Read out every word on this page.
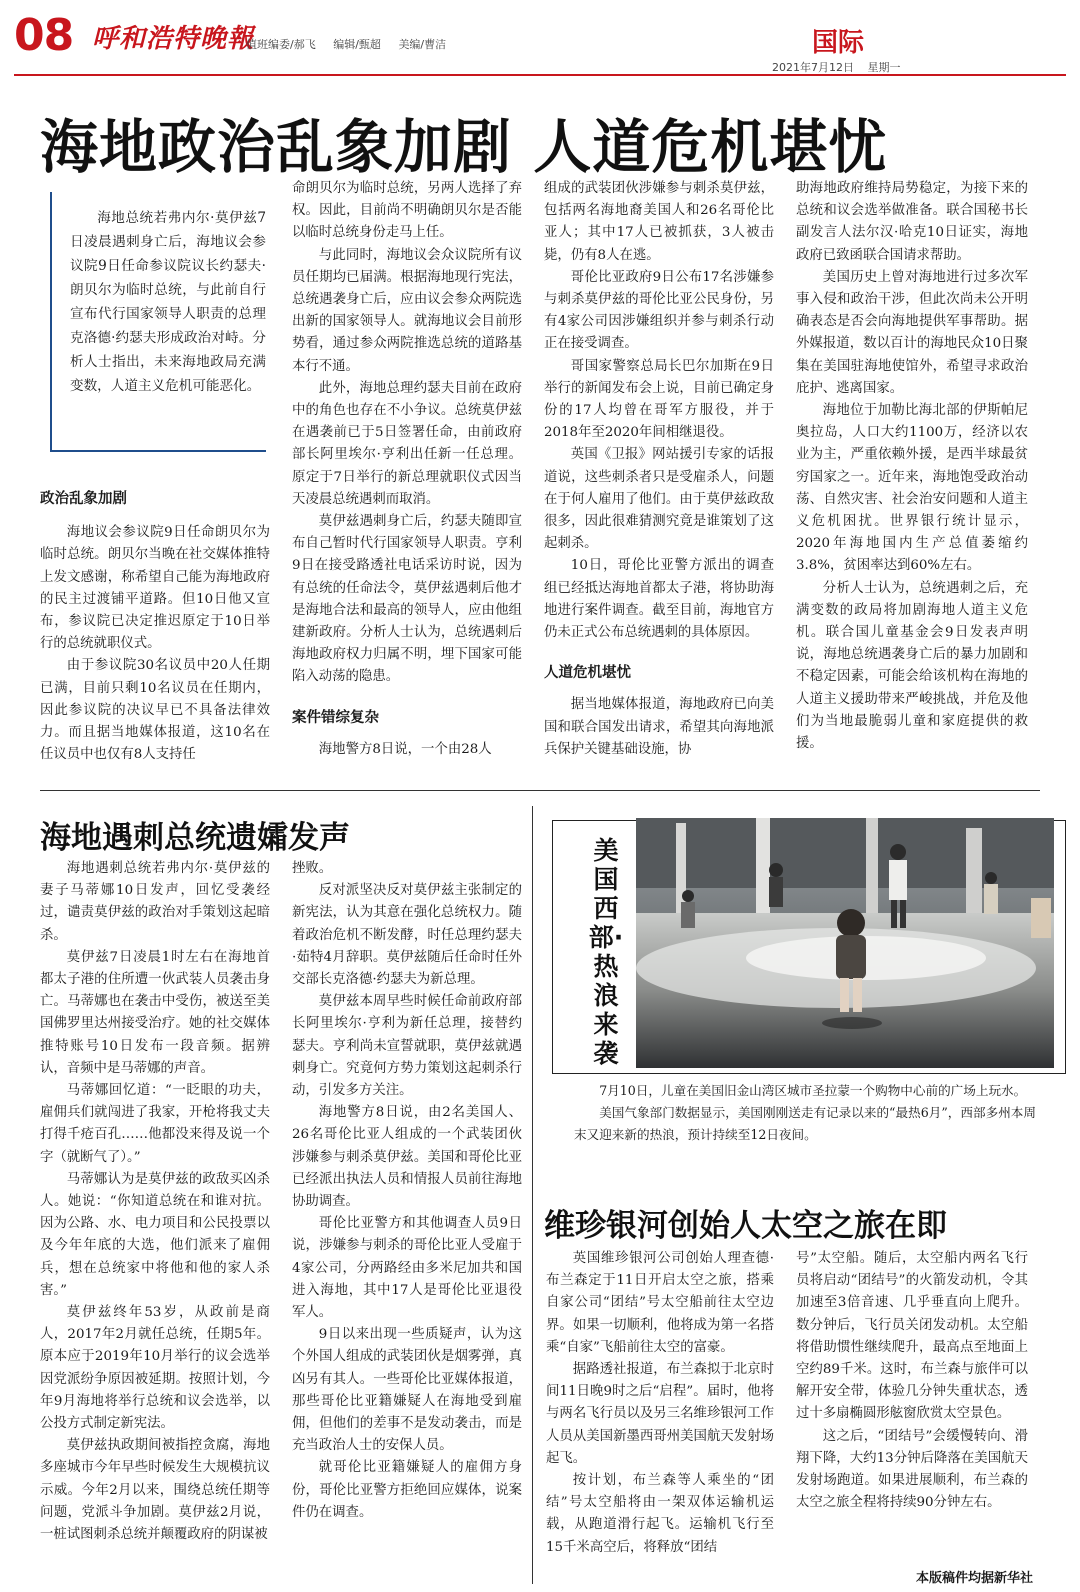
08 呼和浩特晚報
值班编委/郝飞 编辑/甄超 美编/曹洁	国际
2021年7月12日 星期一
海地政治乱象加剧 人道危机堪忧

海地总统若弗内尔·莫伊兹7日凌晨遇刺身亡后，海地议会参议院9日任命参议院议长约瑟夫·朗贝尔为临时总统，与此前自行宣布代行国家领导人职责的总理克洛德·约瑟夫形成政治对峙。分析人士指出，未来海地政局充满变数，人道主义危机可能恶化。

政治乱象加剧

海地议会参议院9日任命朗贝尔为临时总统。朗贝尔当晚在社交媒体推特上发文感谢，称希望自己能为海地政府的民主过渡铺平道路。但10日他又宣布，参议院已决定推迟原定于10日举行的总统就职仪式。

由于参议院30名议员中20人任期已满，目前只剩10名议员在任期内，因此参议院的决议早已不具备法律效力。而且据当地媒体报道，这10名在任议员中也仅有8人支持任

命朗贝尔为临时总统，另两人选择了弃权。因此，目前尚不明确朗贝尔是否能以临时总统身份走马上任。

与此同时，海地议会众议院所有议员任期均已届满。根据海地现行宪法，总统遇袭身亡后，应由议会参众两院选出新的国家领导人。就海地议会目前形势看，通过参众两院推选总统的道路基本行不通。

此外，海地总理约瑟夫目前在政府中的角色也存在不小争议。总统莫伊兹在遇袭前已于5日签署任命，由前政府部长阿里埃尔·亨利出任新一任总理。原定于7日举行的新总理就职仪式因当天凌晨总统遇刺而取消。

莫伊兹遇刺身亡后，约瑟夫随即宣布自己暂时代行国家领导人职责。亨利9日在接受路透社电话采访时说，因为有总统的任命法令，莫伊兹遇刺后他才是海地合法和最高的领导人，应由他组建新政府。分析人士认为，总统遇刺后海地政府权力归属不明，埋下国家可能陷入动荡的隐患。

案件错综复杂

海地警方8日说，一个由28人

组成的武装团伙涉嫌参与刺杀莫伊兹，包括两名海地裔美国人和26名哥伦比亚人；其中17人已被抓获，3人被击毙，仍有8人在逃。

哥伦比亚政府9日公布17名涉嫌参与刺杀莫伊兹的哥伦比亚公民身份，另有4家公司因涉嫌组织并参与刺杀行动正在接受调查。

哥国家警察总局长巴尔加斯在9日举行的新闻发布会上说，目前已确定身份的17人均曾在哥军方服役，并于2018年至2020年间相继退役。

英国《卫报》网站援引专家的话报道说，这些刺杀者只是受雇杀人，问题在于何人雇用了他们。由于莫伊兹政敌很多，因此很难猜测究竟是谁策划了这起刺杀。

10日，哥伦比亚警方派出的调查组已经抵达海地首都太子港，将协助海地进行案件调查。截至目前，海地官方仍未正式公布总统遇刺的具体原因。

人道危机堪忧

据当地媒体报道，海地政府已向美国和联合国发出请求，希望其向海地派兵保护关键基础设施，协

助海地政府维持局势稳定，为接下来的总统和议会选举做准备。联合国秘书长副发言人法尔汉·哈克10日证实，海地政府已致函联合国请求帮助。

美国历史上曾对海地进行过多次军事入侵和政治干涉，但此次尚未公开明确表态是否会向海地提供军事帮助。据外媒报道，数以百计的海地民众10日聚集在美国驻海地使馆外，希望寻求政治庇护、逃离国家。

海地位于加勒比海北部的伊斯帕尼奥拉岛，人口大约1100万，经济以农业为主，严重依赖外援，是西半球最贫穷国家之一。近年来，海地饱受政治动荡、自然灾害、社会治安问题和人道主义危机困扰。世界银行统计显示，2020年海地国内生产总值萎缩约3.8%，贫困率达到60%左右。

分析人士认为，总统遇刺之后，充满变数的政局将加剧海地人道主义危机。联合国儿童基金会9日发表声明说，海地总统遇袭身亡后的暴力加剧和不稳定因素，可能会给该机构在海地的人道主义援助带来严峻挑战，并危及他们为当地最脆弱儿童和家庭提供的救援。

海地遇刺总统遗孀发声

海地遇刺总统若弗内尔·莫伊兹的妻子马蒂娜10日发声，回忆受袭经过，谴责莫伊兹的政治对手策划这起暗杀。

莫伊兹7日凌晨1时左右在海地首都太子港的住所遭一伙武装人员袭击身亡。马蒂娜也在袭击中受伤，被送至美国佛罗里达州接受治疗。她的社交媒体推特账号10日发布一段音频。据辨认，音频中是马蒂娜的声音。

马蒂娜回忆道：“一眨眼的功夫，雇佣兵们就闯进了我家，开枪将我丈夫打得千疮百孔……他都没来得及说一个字（就断气了）。”

马蒂娜认为是莫伊兹的政敌买凶杀人。她说：“你知道总统在和谁对抗。因为公路、水、电力项目和公民投票以及今年年底的大选，他们派来了雇佣兵，想在总统家中将他和他的家人杀害。”

莫伊兹终年53岁，从政前是商人，2017年2月就任总统，任期5年。原本应于2019年10月举行的议会选举因党派纷争原因被延期。按照计划，今年9月海地将举行总统和议会选举，以公投方式制定新宪法。

莫伊兹执政期间被指控贪腐，海地多座城市今年早些时候发生大规模抗议示威。今年2月以来，围绕总统任期等问题，党派斗争加剧。莫伊兹2月说，一桩试图刺杀总统并颠覆政府的阴谋被

挫败。

反对派坚决反对莫伊兹主张制定的新宪法，认为其意在强化总统权力。随着政治危机不断发酵，时任总理约瑟夫·茹特4月辞职。莫伊兹随后任命时任外交部长克洛德·约瑟夫为新总理。

莫伊兹本周早些时候任命前政府部长阿里埃尔·亨利为新任总理，接替约瑟夫。亨利尚未宣誓就职，莫伊兹就遇刺身亡。究竟何方势力策划这起刺杀行动，引发多方关注。

海地警方8日说，由2名美国人、26名哥伦比亚人组成的一个武装团伙涉嫌参与刺杀莫伊兹。美国和哥伦比亚已经派出执法人员和情报人员前往海地协助调查。

哥伦比亚警方和其他调查人员9日说，涉嫌参与刺杀的哥伦比亚人受雇于4家公司，分两路经由多米尼加共和国进入海地，其中17人是哥伦比亚退役军人。

9日以来出现一些质疑声，认为这个外国人组成的武装团伙是烟雾弹，真凶另有其人。一些哥伦比亚媒体报道，那些哥伦比亚籍嫌疑人在海地受到雇佣，但他们的差事不是发动袭击，而是充当政治人士的安保人员。

就哥伦比亚籍嫌疑人的雇佣方身份，哥伦比亚警方拒绝回应媒体，说案件仍在调查。

美国西部·热浪来袭

7月10日，儿童在美国旧金山湾区城市圣拉蒙一个购物中心前的广场上玩水。

美国气象部门数据显示，美国刚刚送走有记录以来的“最热6月”，西部多州本周末又迎来新的热浪，预计持续至12日夜间。

维珍银河创始人太空之旅在即

英国维珍银河公司创始人理查德·布兰森定于11日开启太空之旅，搭乘自家公司“团结”号太空船前往太空边界。如果一切顺利，他将成为第一名搭乘“自家”飞船前往太空的富豪。

据路透社报道，布兰森拟于北京时间11日晚9时之后“启程”。届时，他将与两名飞行员以及另三名维珍银河工作人员从美国新墨西哥州美国航天发射场起飞。

按计划，布兰森等人乘坐的“团结”号太空船将由一架双体运输机运载，从跑道滑行起飞。运输机飞行至15千米高空后，将释放“团结

号”太空船。随后，太空船内两名飞行员将启动“团结号”的火箭发动机，令其加速至3倍音速、几乎垂直向上爬升。数分钟后，飞行员关闭发动机。太空船将借助惯性继续爬升，最高点至地面上空约89千米。这时，布兰森与旅伴可以解开安全带，体验几分钟失重状态，透过十多扇椭圆形舷窗欣赏太空景色。

这之后，“团结号”会缓慢转向、滑翔下降，大约13分钟后降落在美国航天发射场跑道。如果进展顺利，布兰森的太空之旅全程将持续90分钟左右。

本版稿件均据新华社
